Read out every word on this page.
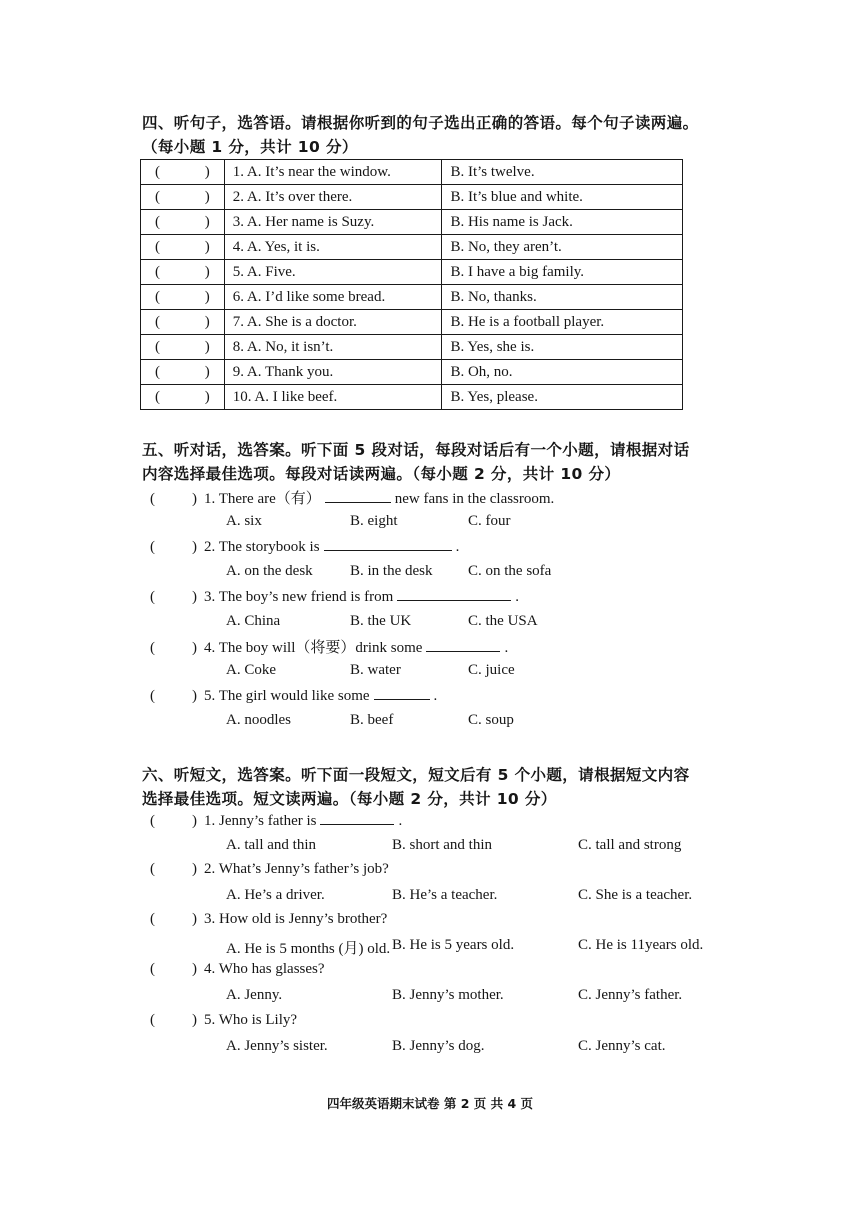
四、听句子，选答语。请根据你听到的句子选出正确的答语。每个句子读两遍。
（每小题 1 分，共计 10 分）
( )	1. A. It’s near the window.	B. It’s twelve.

( )	2. A. It’s over there.	B. It’s blue and white.

( )	3. A. Her name is Suzy.	B. His name is Jack.

( )	4. A. Yes, it is.	B. No, they aren’t.

( )	5. A. Five.	B. I have a big family.

( )	6. A. I’d like some bread.	B. No, thanks.

( )	7. A. She is a doctor.	B. He is a football player.

( )	8. A. No, it isn’t.	B. Yes, she is.

( )	9. A. Thank you.	B. Oh, no.

( )	10. A. I like beef.	B. Yes, please.
五、听对话，选答案。听下面 5 段对话，每段对话后有一个小题，请根据对话
内容选择最佳选项。每段对话读两遍。（每小题 2 分，共计 10 分）
(	) 1. There are（有）	new fans in the classroom.
A. six	B. eight	C. four
(	) 2. The storybook is	.
A. on the desk B. in the desk C. on the sofa
(	) 3. The boy’s new friend is from	.
A. China	B. the UK	C. the USA
(	) 4. The boy will（将要）drink some	.
A. Coke	B. water	C. juice
(	) 5. The girl would like some	.
A. noodles	B. beef	C. soup
六、听短文，选答案。听下面一段短文，短文后有 5 个小题，请根据短文内容
选择最佳选项。短文读两遍。（每小题 2 分，共计 10 分）
(	) 1. Jenny’s father is	.
A. tall and thin	B. short and thin	C. tall and strong
(	) 2. What’s Jenny’s father’s job?
A. He’s a driver.	B. He’s a teacher.	C. She is a teacher.
(	) 3. How old is Jenny’s brother?
A. He is 5 months (月) old. B. He is 5 years old.	C. He is 11years old.
(	) 4. Who has glasses?
A. Jenny.	B. Jenny’s mother.	C. Jenny’s father.
(	) 5. Who is Lily?
A. Jenny’s sister.	B. Jenny’s dog.	C. Jenny’s cat.
四年级英语期末试卷 第 2 页 共 4 页
